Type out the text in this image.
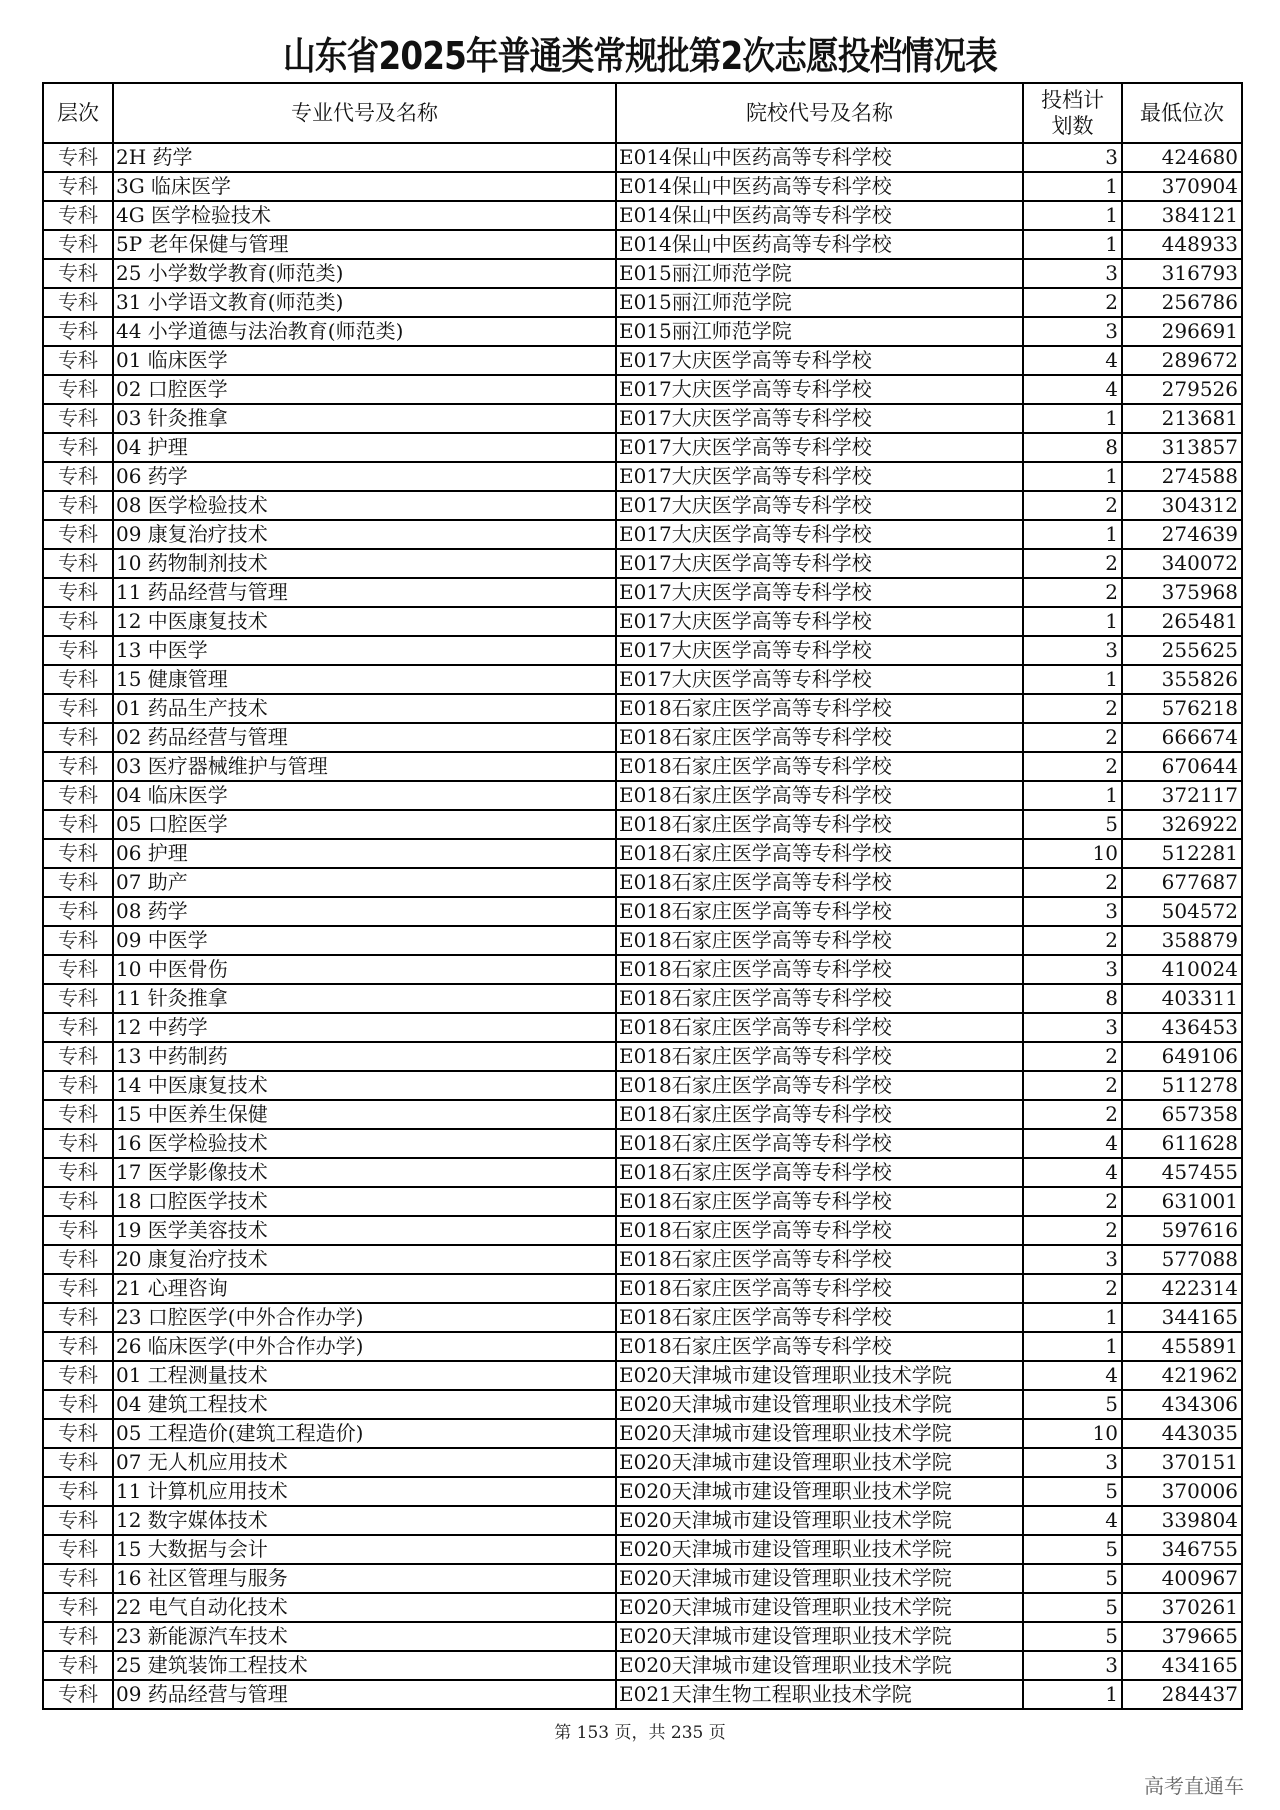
山东省2025年普通类常规批第2次志愿投档情况表
层次	专业代号及名称	院校代号及名称	投档计
划数	最低位次
专科	2H 药学	E014保山中医药高等专科学校	3	424680
专科	3G 临床医学	E014保山中医药高等专科学校	1	370904
专科	4G 医学检验技术	E014保山中医药高等专科学校	1	384121
专科	5P 老年保健与管理	E014保山中医药高等专科学校	1	448933
专科	25 小学数学教育(师范类)	E015丽江师范学院	3	316793
专科	31 小学语文教育(师范类)	E015丽江师范学院	2	256786
专科	44 小学道德与法治教育(师范类)	E015丽江师范学院	3	296691
专科	01 临床医学	E017大庆医学高等专科学校	4	289672
专科	02 口腔医学	E017大庆医学高等专科学校	4	279526
专科	03 针灸推拿	E017大庆医学高等专科学校	1	213681
专科	04 护理	E017大庆医学高等专科学校	8	313857
专科	06 药学	E017大庆医学高等专科学校	1	274588
专科	08 医学检验技术	E017大庆医学高等专科学校	2	304312
专科	09 康复治疗技术	E017大庆医学高等专科学校	1	274639
专科	10 药物制剂技术	E017大庆医学高等专科学校	2	340072
专科	11 药品经营与管理	E017大庆医学高等专科学校	2	375968
专科	12 中医康复技术	E017大庆医学高等专科学校	1	265481
专科	13 中医学	E017大庆医学高等专科学校	3	255625
专科	15 健康管理	E017大庆医学高等专科学校	1	355826
专科	01 药品生产技术	E018石家庄医学高等专科学校	2	576218
专科	02 药品经营与管理	E018石家庄医学高等专科学校	2	666674
专科	03 医疗器械维护与管理	E018石家庄医学高等专科学校	2	670644
专科	04 临床医学	E018石家庄医学高等专科学校	1	372117
专科	05 口腔医学	E018石家庄医学高等专科学校	5	326922
专科	06 护理	E018石家庄医学高等专科学校	10	512281
专科	07 助产	E018石家庄医学高等专科学校	2	677687
专科	08 药学	E018石家庄医学高等专科学校	3	504572
专科	09 中医学	E018石家庄医学高等专科学校	2	358879
专科	10 中医骨伤	E018石家庄医学高等专科学校	3	410024
专科	11 针灸推拿	E018石家庄医学高等专科学校	8	403311
专科	12 中药学	E018石家庄医学高等专科学校	3	436453
专科	13 中药制药	E018石家庄医学高等专科学校	2	649106
专科	14 中医康复技术	E018石家庄医学高等专科学校	2	511278
专科	15 中医养生保健	E018石家庄医学高等专科学校	2	657358
专科	16 医学检验技术	E018石家庄医学高等专科学校	4	611628
专科	17 医学影像技术	E018石家庄医学高等专科学校	4	457455
专科	18 口腔医学技术	E018石家庄医学高等专科学校	2	631001
专科	19 医学美容技术	E018石家庄医学高等专科学校	2	597616
专科	20 康复治疗技术	E018石家庄医学高等专科学校	3	577088
专科	21 心理咨询	E018石家庄医学高等专科学校	2	422314
专科	23 口腔医学(中外合作办学)	E018石家庄医学高等专科学校	1	344165
专科	26 临床医学(中外合作办学)	E018石家庄医学高等专科学校	1	455891
专科	01 工程测量技术	E020天津城市建设管理职业技术学院	4	421962
专科	04 建筑工程技术	E020天津城市建设管理职业技术学院	5	434306
专科	05 工程造价(建筑工程造价)	E020天津城市建设管理职业技术学院	10	443035
专科	07 无人机应用技术	E020天津城市建设管理职业技术学院	3	370151
专科	11 计算机应用技术	E020天津城市建设管理职业技术学院	5	370006
专科	12 数字媒体技术	E020天津城市建设管理职业技术学院	4	339804
专科	15 大数据与会计	E020天津城市建设管理职业技术学院	5	346755
专科	16 社区管理与服务	E020天津城市建设管理职业技术学院	5	400967
专科	22 电气自动化技术	E020天津城市建设管理职业技术学院	5	370261
专科	23 新能源汽车技术	E020天津城市建设管理职业技术学院	5	379665
专科	25 建筑装饰工程技术	E020天津城市建设管理职业技术学院	3	434165
专科	09 药品经营与管理	E021天津生物工程职业技术学院	1	284437
第 153 页，共 235 页
高考直通车
